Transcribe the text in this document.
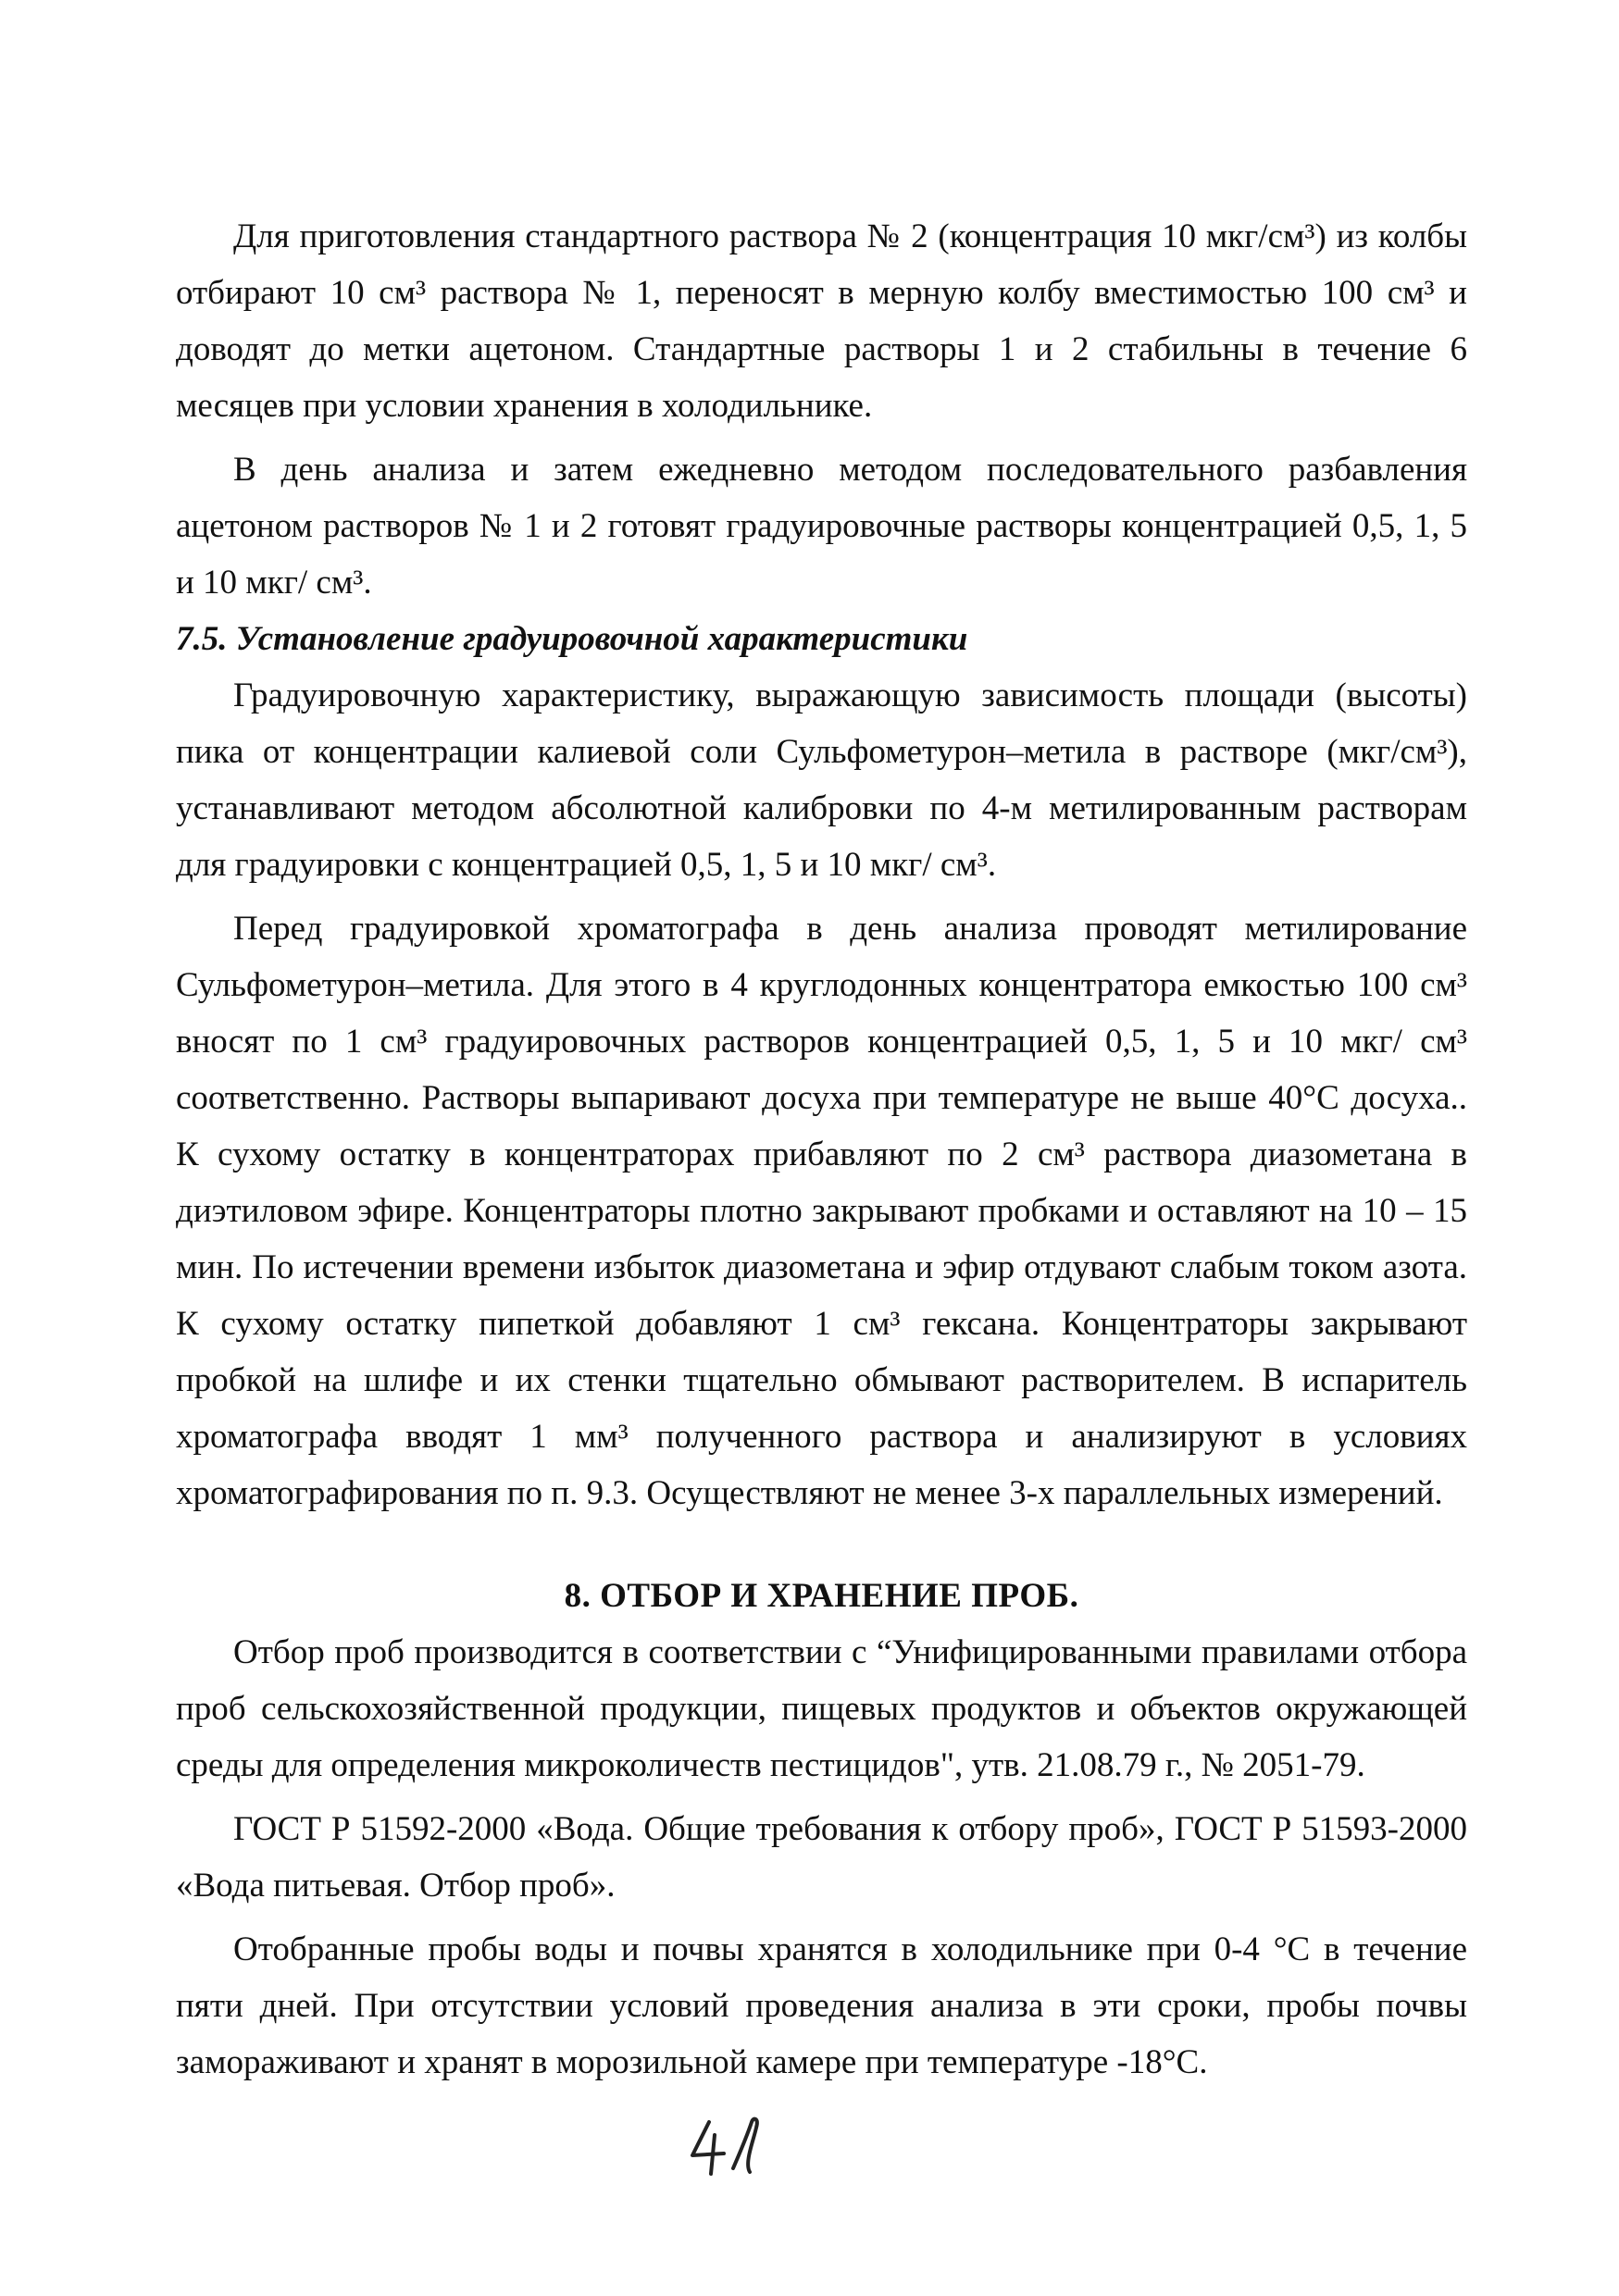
Для приготовления стандартного раствора № 2 (концентрация 10 мкг/см³) из колбы отбирают 10 см³ раствора № 1, переносят в мерную колбу вместимостью 100 см³ и доводят до метки ацетоном. Стандартные растворы 1 и 2 стабильны в течение 6 месяцев при условии хранения в холодильнике.

В день анализа и затем ежедневно методом последовательного разбавления ацетоном растворов № 1 и 2 готовят градуировочные растворы концентрацией 0,5, 1, 5 и 10 мкг/ см³.

7.5. Установление градуировочной характеристики

Градуировочную характеристику, выражающую зависимость площади (высоты) пика от концентрации калиевой соли Сульфометурон–метила в растворе (мкг/см³), устанавливают методом абсолютной калибровки по 4-м метилированным растворам для градуировки с концентрацией 0,5, 1, 5 и 10 мкг/ см³.

Перед градуировкой хроматографа в день анализа проводят метилирование Сульфометурон–метила. Для этого в 4 круглодонных концентратора емкостью 100 см³ вносят по 1 см³ градуировочных растворов концентрацией 0,5, 1, 5 и 10 мкг/ см³ соответственно. Растворы выпаривают досуха при температуре не выше 40°С досуха.. К сухому остатку в концентраторах прибавляют по 2 см³ раствора диазометана в диэтиловом эфире. Концентраторы плотно закрывают пробками и оставляют на 10 – 15 мин. По истечении времени избыток диазометана и эфир отдувают слабым током азота. К сухому остатку пипеткой добавляют 1 см³ гексана. Концентраторы закрывают пробкой на шлифе и их стенки тщательно обмывают растворителем. В испаритель хроматографа вводят 1 мм³ полученного раствора и анализируют в условиях хроматографирования по п. 9.3. Осуществляют не менее 3-х параллельных измерений.

8. ОТБОР И ХРАНЕНИЕ ПРОБ.

Отбор проб производится в соответствии с “Унифицированными правилами отбора проб сельскохозяйственной продукции, пищевых продуктов и объектов окружающей среды для определения микроколичеств пестицидов", утв. 21.08.79 г., № 2051-79.

ГОСТ Р 51592-2000 «Вода. Общие требования к отбору проб», ГОСТ Р 51593-2000 «Вода питьевая. Отбор проб».

Отобранные пробы воды и почвы хранятся в холодильнике при 0-4 °С в течение пяти дней. При отсутствии условий проведения анализа в эти сроки, пробы почвы замораживают и хранят в морозильной камере при температуре -18°С.
